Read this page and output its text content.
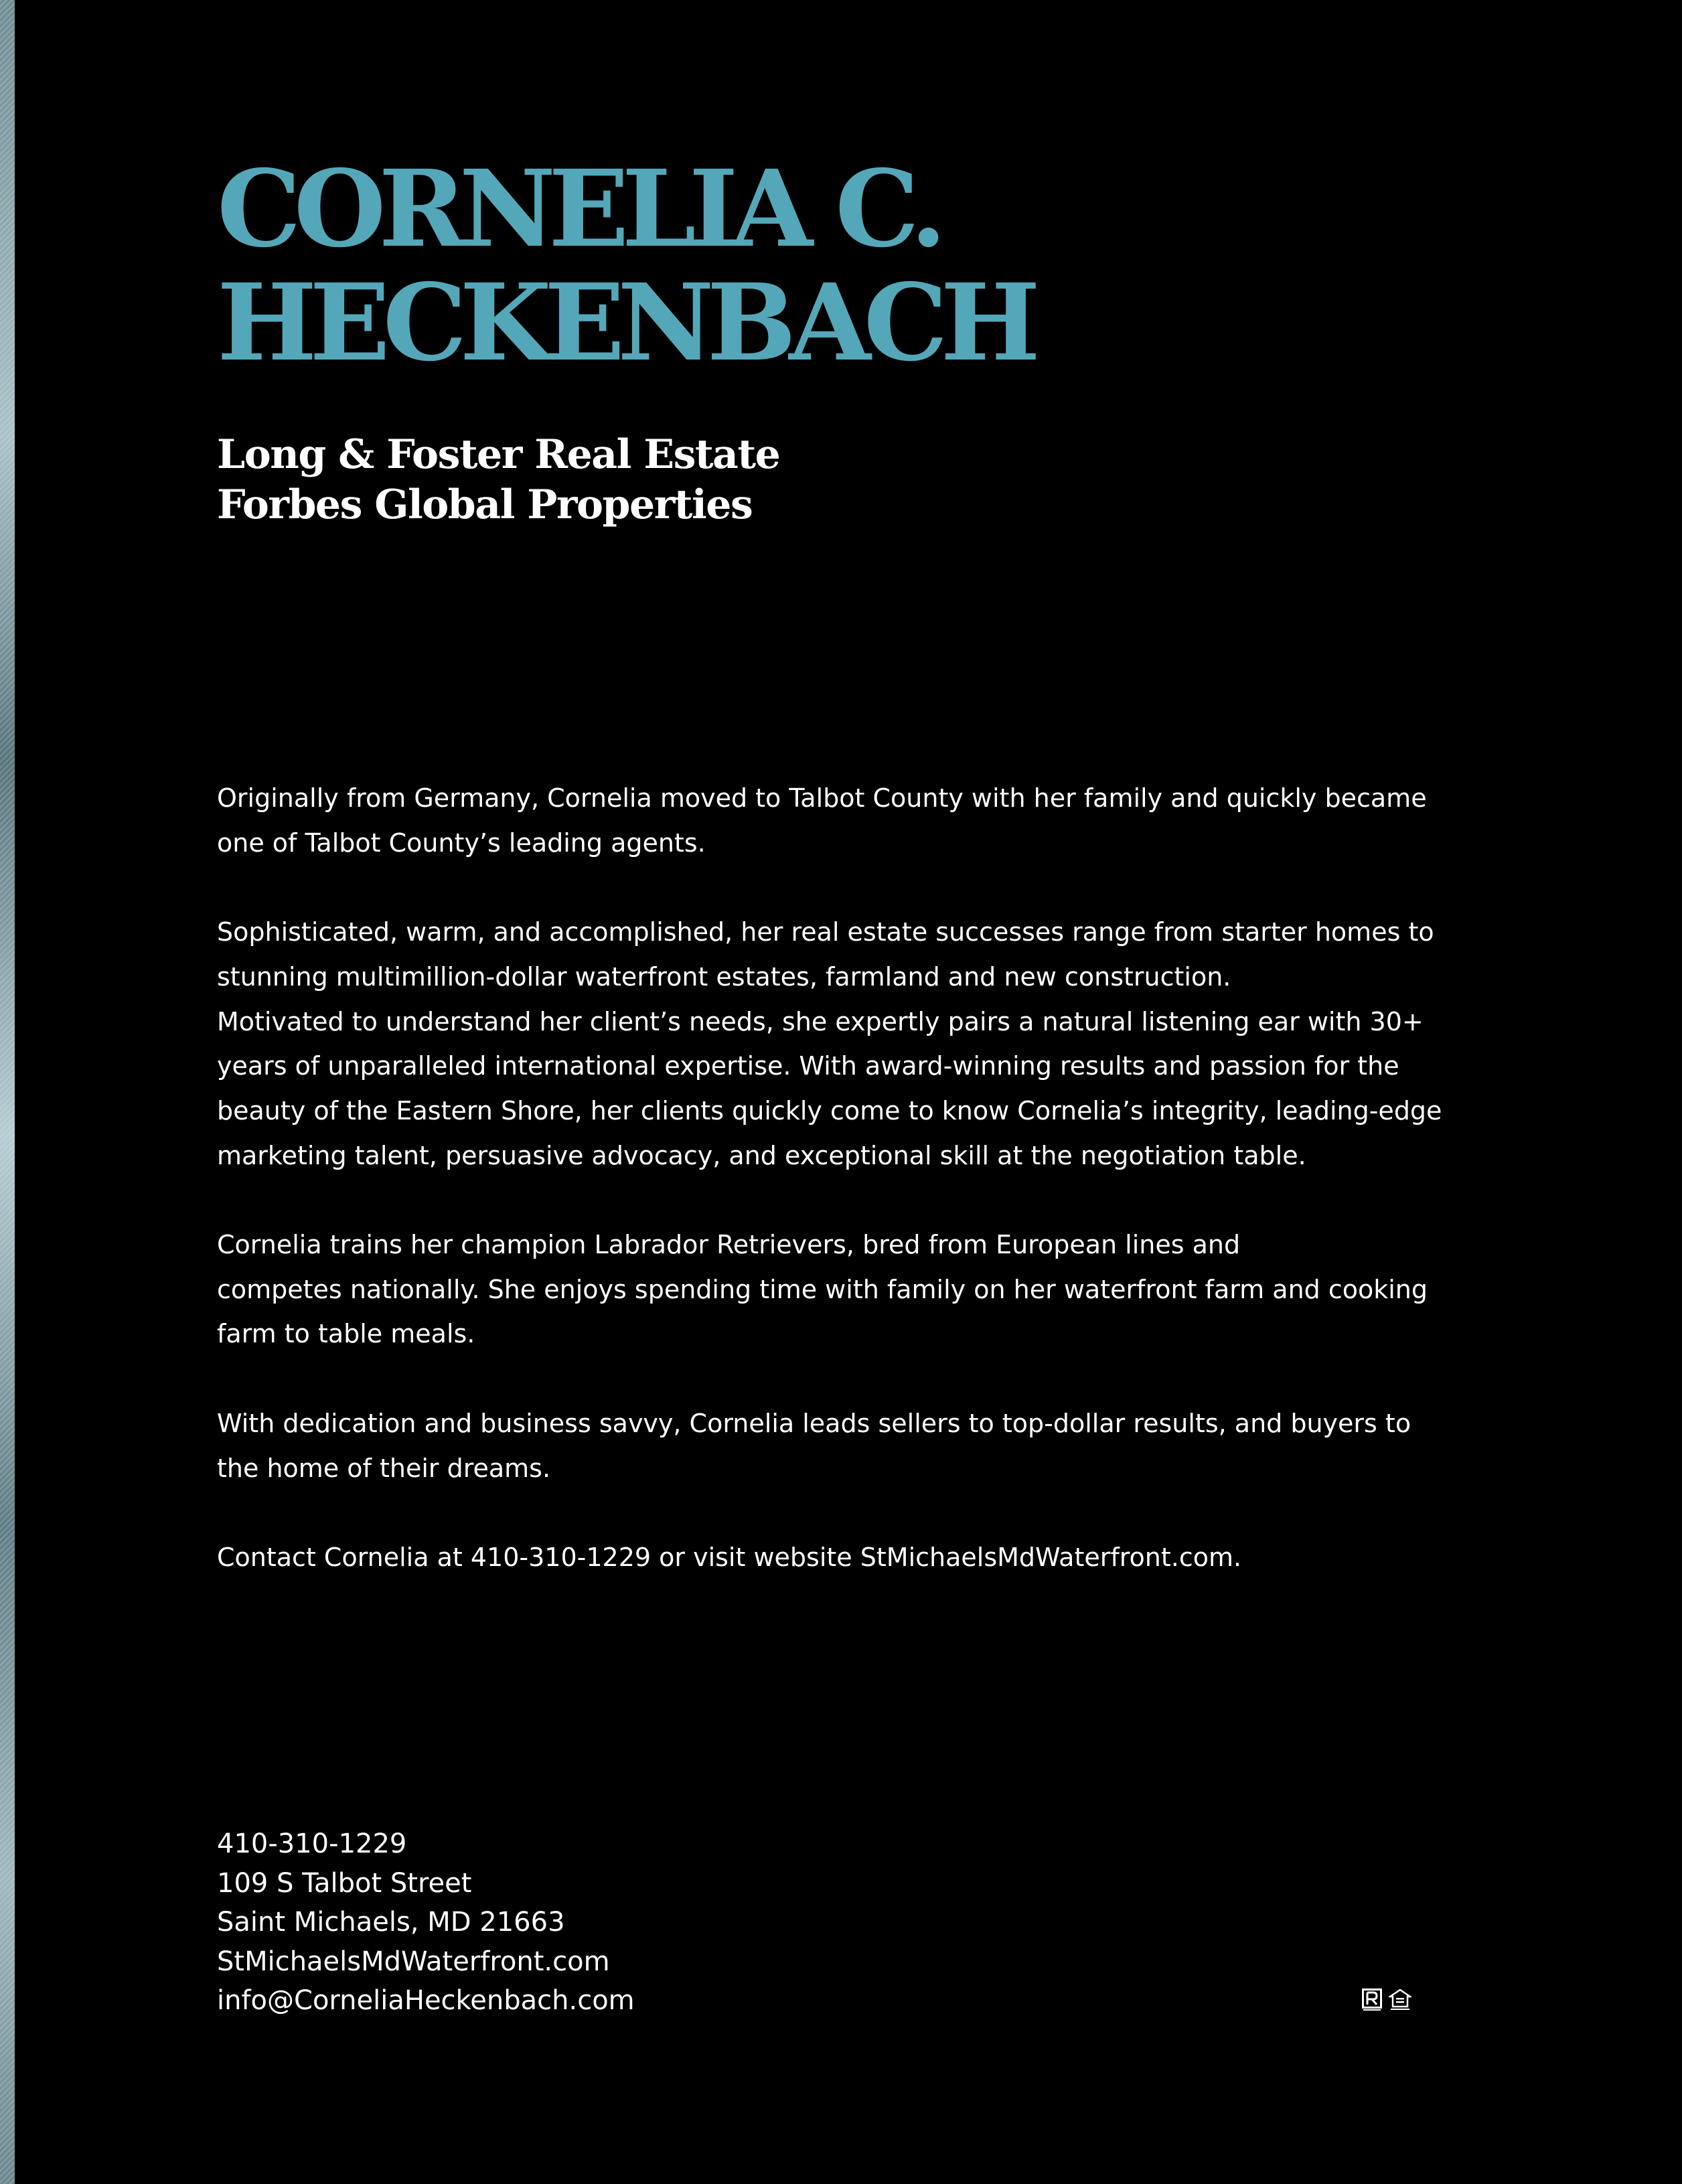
CORNELIA C.
HECKENBACH
Long & Foster Real Estate
Forbes Global Properties

Originally from Germany, Cornelia moved to Talbot County with her family and quickly became
one of Talbot County’s leading agents.

Sophisticated, warm, and accomplished, her real estate successes range from starter homes to
stunning multimillion-dollar waterfront estates, farmland and new construction.
Motivated to understand her client’s needs, she expertly pairs a natural listening ear with 30+
years of unparalleled international expertise. With award-winning results and passion for the
beauty of the Eastern Shore, her clients quickly come to know Cornelia’s integrity, leading-edge
marketing talent, persuasive advocacy, and exceptional skill at the negotiation table.

Cornelia trains her champion Labrador Retrievers, bred from European lines and
competes nationally. She enjoys spending time with family on her waterfront farm and cooking
farm to table meals.

With dedication and business savvy, Cornelia leads sellers to top-dollar results, and buyers to
the home of their dreams.

Contact Cornelia at 410-310-1229 or visit website StMichaelsMdWaterfront.com.

410-310-1229
109 S Talbot Street
Saint Michaels, MD 21663
StMichaelsMdWaterfront.com
info@CorneliaHeckenbach.com
